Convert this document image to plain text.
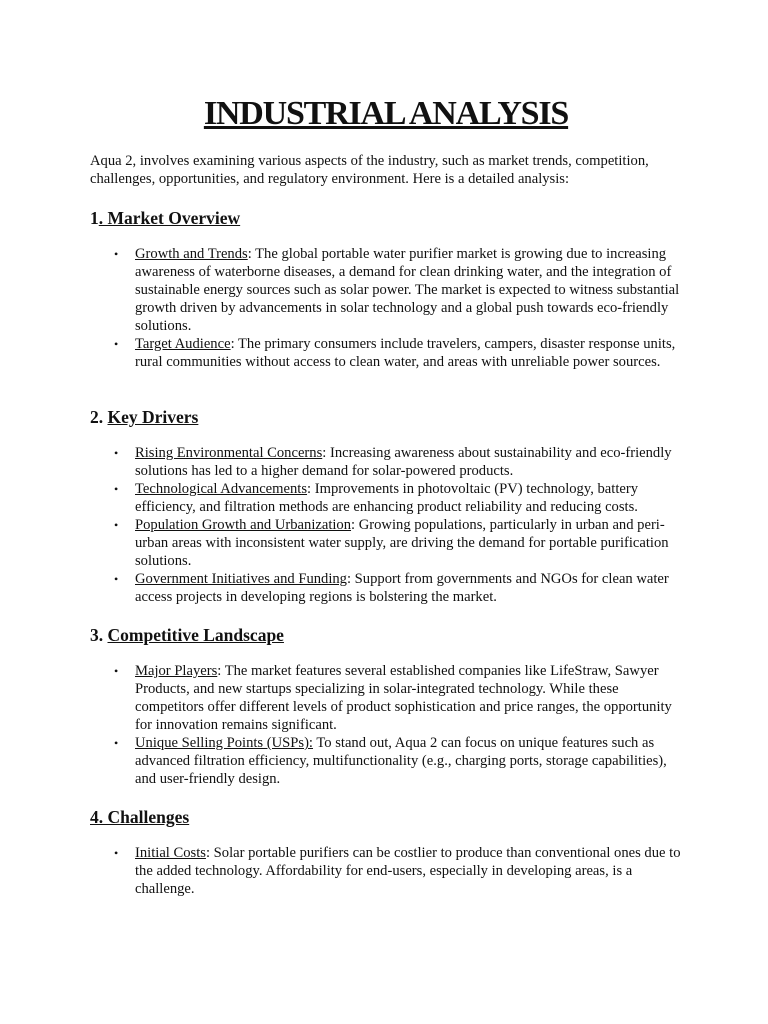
INDUSTRIAL ANALYSIS

Aqua 2, involves examining various aspects of the industry, such as market trends, competition, challenges, opportunities, and regulatory environment. Here is a detailed analysis:

1. Market Overview
• Growth and Trends: The global portable water purifier market is growing due to increasing awareness of waterborne diseases, a demand for clean drinking water, and the integration of sustainable energy sources such as solar power. The market is expected to witness substantial growth driven by advancements in solar technology and a global push towards eco-friendly solutions.
• Target Audience: The primary consumers include travelers, campers, disaster response units, rural communities without access to clean water, and areas with unreliable power sources.
2. Key Drivers
• Rising Environmental Concerns: Increasing awareness about sustainability and eco-friendly solutions has led to a higher demand for solar-powered products.
• Technological Advancements: Improvements in photovoltaic (PV) technology, battery efficiency, and filtration methods are enhancing product reliability and reducing costs.
• Population Growth and Urbanization: Growing populations, particularly in urban and peri-urban areas with inconsistent water supply, are driving the demand for portable purification solutions.
• Government Initiatives and Funding: Support from governments and NGOs for clean water access projects in developing regions is bolstering the market.
3. Competitive Landscape
• Major Players: The market features several established companies like LifeStraw, Sawyer Products, and new startups specializing in solar-integrated technology. While these competitors offer different levels of product sophistication and price ranges, the opportunity for innovation remains significant.
• Unique Selling Points (USPs): To stand out, Aqua 2 can focus on unique features such as advanced filtration efficiency, multifunctionality (e.g., charging ports, storage capabilities), and user-friendly design.
4. Challenges
• Initial Costs: Solar portable purifiers can be costlier to produce than conventional ones due to the added technology. Affordability for end-users, especially in developing areas, is a challenge.
